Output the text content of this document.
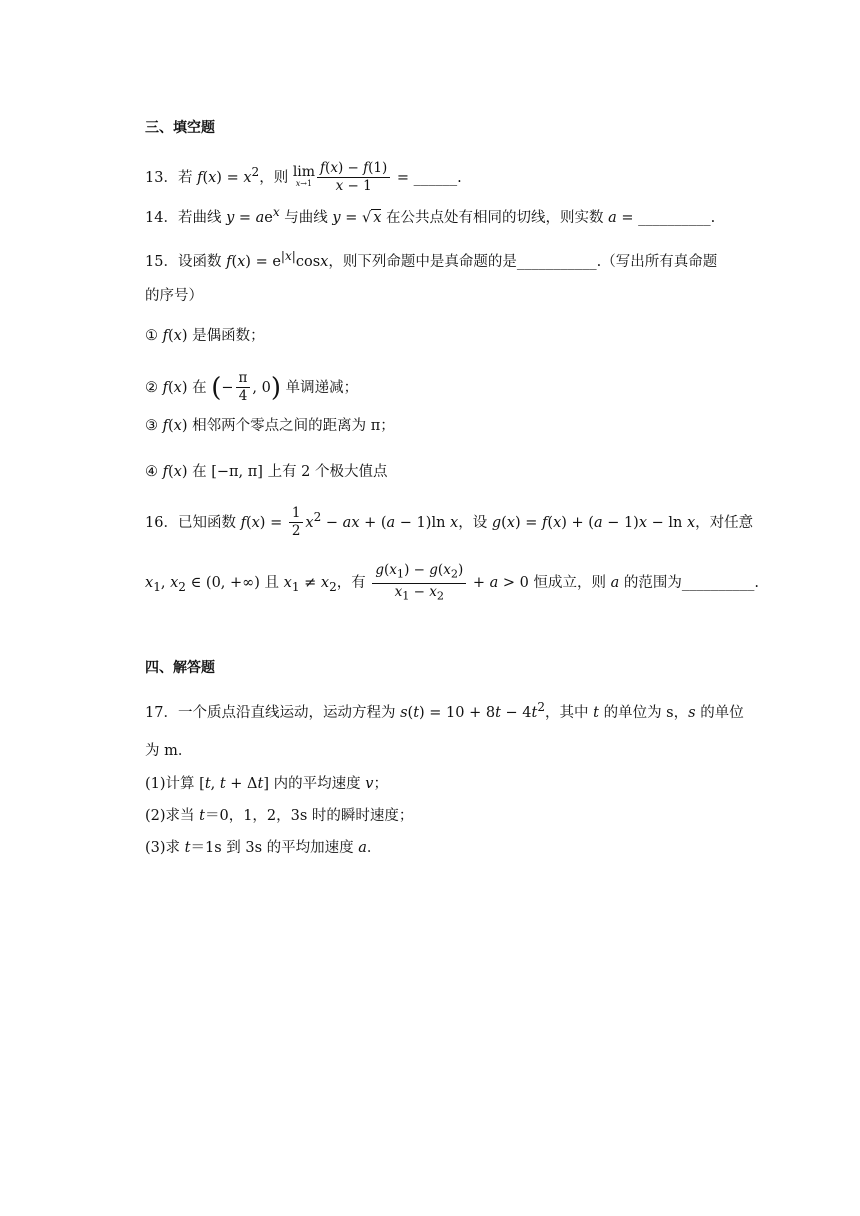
三、填空题
13．若 $f(x) = x^2$，则 lim
$x\to 1 \frac{f(x) - f(1)}{x - 1}$ = ______.
14．若曲线 $y = ae^x$ 与曲线 y = √ x 在公共点处有相同的切线，则实数 a = __________.
15．设函数 $f(x) = e^{|x|}\cos x$，则下列命题中是真命题的是___________.（写出所有真命题
的序号）
① f(x) 是偶函数；
② f(x) 在 (− $\frac{\pi}{4}$ , 0) 单调递减；
③ f(x) 相邻两个零点之间的距离为 π；
④ f(x) 在 [−π, π] 上有 2 个极大值点
16．已知函数 $f(x) = \frac{1}{2} x^2$ − ax + (a − 1)ln x，设 g(x) = f(x) + (a − 1)x − ln x，对任意
$x_1$, $x_2$ ∈ (0, +∞) 且 $x_1 \ne x_2$，有 $\frac{g(x_1) - g(x_2)}{x_1 - x_2} + a > 0$ 恒成立，则 a 的范围为__________.
四、解答题
17．一个质点沿直线运动，运动方程为 $s(t) = 10 + 8t - 4t^2$，其中 t 的单位为 s，s 的单位
为 m．
(1)计算 [t, t + Δt] 内的平均速度 v；
(2)求当 t＝0，1，2，3s 时的瞬时速度；
(3)求 t＝1s 到 3s 的平均加速度 a．
